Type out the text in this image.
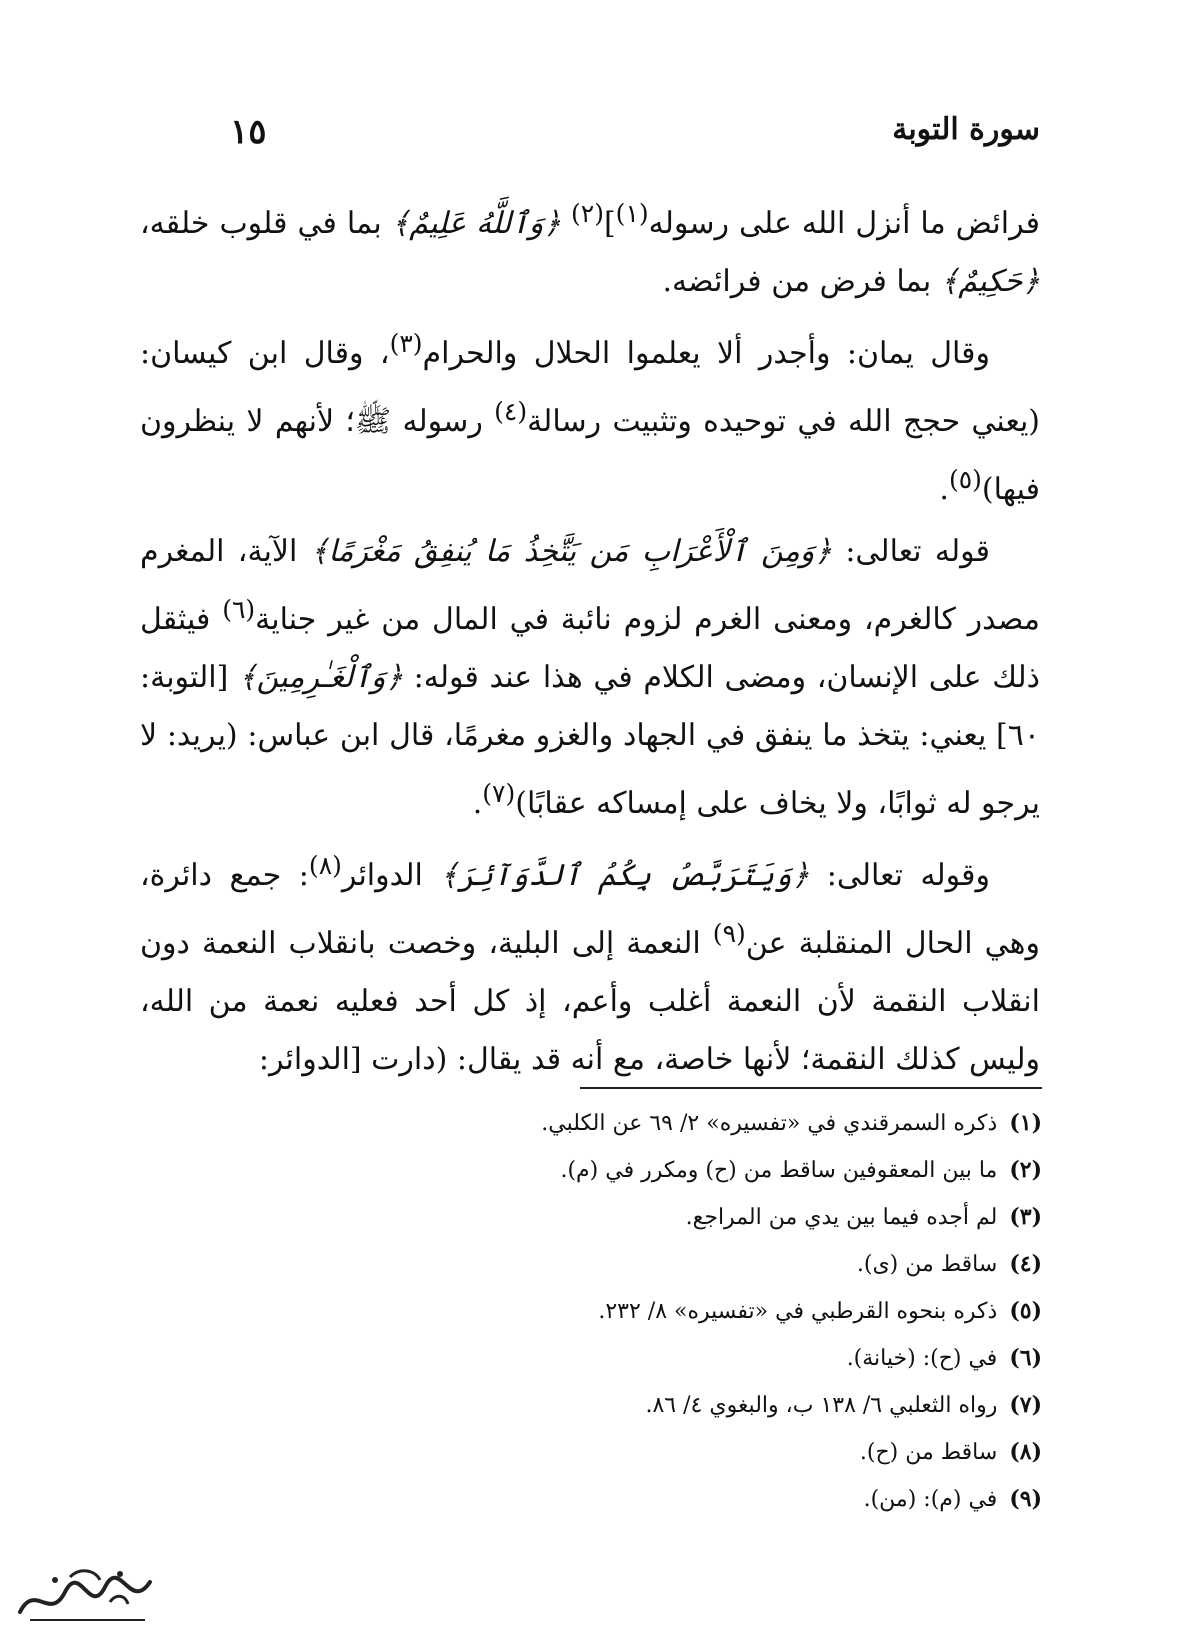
سورة التوبة
١٥

فرائض ما أنزل الله على رسوله$^{(١)}$]$^{(٢)}$ ﴿وَٱللَّهُ عَلِيمٌ﴾ بما في قلوب خلقه، ﴿حَكِيمٌ﴾ بما فرض من فرائضه.

وقال يمان: وأجدر ألا يعلموا الحلال والحرام$^{(٣)}$، وقال ابن كيسان: (يعني حجج الله في توحيده وتثبيت رسالة$^{(٤)}$ رسوله ﷺ؛ لأنهم لا ينظرون فيها)$^{(٥)}$.

قوله تعالى: ﴿وَمِنَ ٱلْأَعْرَابِ مَن يَتَّخِذُ مَا يُنفِقُ مَغْرَمًا﴾ الآية، المغرم مصدر كالغرم، ومعنى الغرم لزوم نائبة في المال من غير جناية$^{(٦)}$ فيثقل ذلك على الإنسان، ومضى الكلام في هذا عند قوله: ﴿وَٱلْغَـٰرِمِينَ﴾ [التوبة: ٦٠] يعني: يتخذ ما ينفق في الجهاد والغزو مغرمًا، قال ابن عباس: (يريد: لا يرجو له ثوابًا، ولا يخاف على إمساكه عقابًا)$^{(٧)}$.

وقوله تعالى: ﴿وَيَتَرَبَّصُ بِكُمُ ٱلدَّوَآئِرَ﴾ الدوائر$^{(٨)}$: جمع دائرة، وهي الحال المنقلبة عن$^{(٩)}$ النعمة إلى البلية، وخصت بانقلاب النعمة دون انقلاب النقمة لأن النعمة أغلب وأعم، إذ كل أحد فعليه نعمة من الله، وليس كذلك النقمة؛ لأنها خاصة، مع أنه قد يقال: (دارت [الدوائر:

(١)ذكره السمرقندي في «تفسيره» ٢/ ٦٩ عن الكلبي.
(٢)ما بين المعقوفين ساقط من (ح) ومكرر في (م).
(٣)لم أجده فيما بين يدي من المراجع.
(٤)ساقط من (ى).
(٥)ذكره بنحوه القرطبي في «تفسيره» ٨/ ٢٣٢.
(٦)في (ح): (خيانة).
(٧)رواه الثعلبي ٦/ ١٣٨ ب، والبغوي ٤/ ٨٦.
(٨)ساقط من (ح).
(٩)في (م): (من).
